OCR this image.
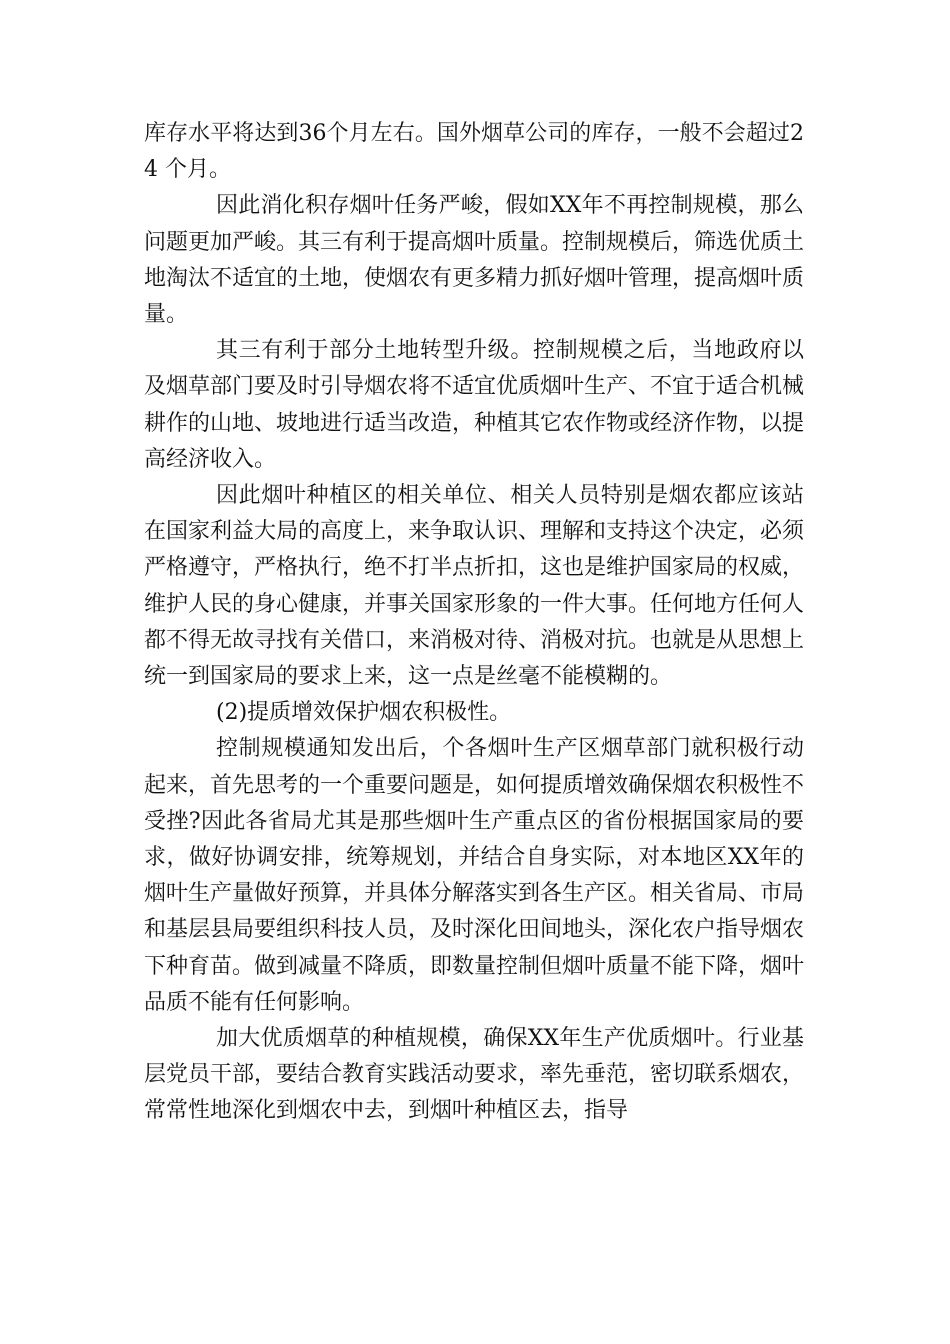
库存水平将达到36个月左右。国外烟草公司的库存，一般不会超过24 个月。

因此消化积存烟叶任务严峻，假如XX年不再控制规模，那么问题更加严峻。其三有利于提高烟叶质量。控制规模后，筛选优质土地淘汰不适宜的土地，使烟农有更多精力抓好烟叶管理，提高烟叶质量。

其三有利于部分土地转型升级。控制规模之后，当地政府以及烟草部门要及时引导烟农将不适宜优质烟叶生产、不宜于适合机械耕作的山地、坡地进行适当改造，种植其它农作物或经济作物，以提高经济收入。

因此烟叶种植区的相关单位、相关人员特别是烟农都应该站在国家利益大局的高度上，来争取认识、理解和支持这个决定，必须严格遵守，严格执行，绝不打半点折扣，这也是维护国家局的权威，维护人民的身心健康，并事关国家形象的一件大事。任何地方任何人都不得无故寻找有关借口，来消极对待、消极对抗。也就是从思想上统一到国家局的要求上来，这一点是丝毫不能模糊的。

(2)提质增效保护烟农积极性。

控制规模通知发出后，个各烟叶生产区烟草部门就积极行动起来，首先思考的一个重要问题是，如何提质增效确保烟农积极性不受挫?因此各省局尤其是那些烟叶生产重点区的省份根据国家局的要求，做好协调安排，统筹规划，并结合自身实际，对本地区XX年的烟叶生产量做好预算，并具体分解落实到各生产区。相关省局、市局和基层县局要组织科技人员，及时深化田间地头，深化农户指导烟农下种育苗。做到减量不降质，即数量控制但烟叶质量不能下降，烟叶品质不能有任何影响。

加大优质烟草的种植规模，确保XX年生产优质烟叶。行业基层党员干部，要结合教育实践活动要求，率先垂范，密切联系烟农，常常性地深化到烟农中去，到烟叶种植区去，指导
